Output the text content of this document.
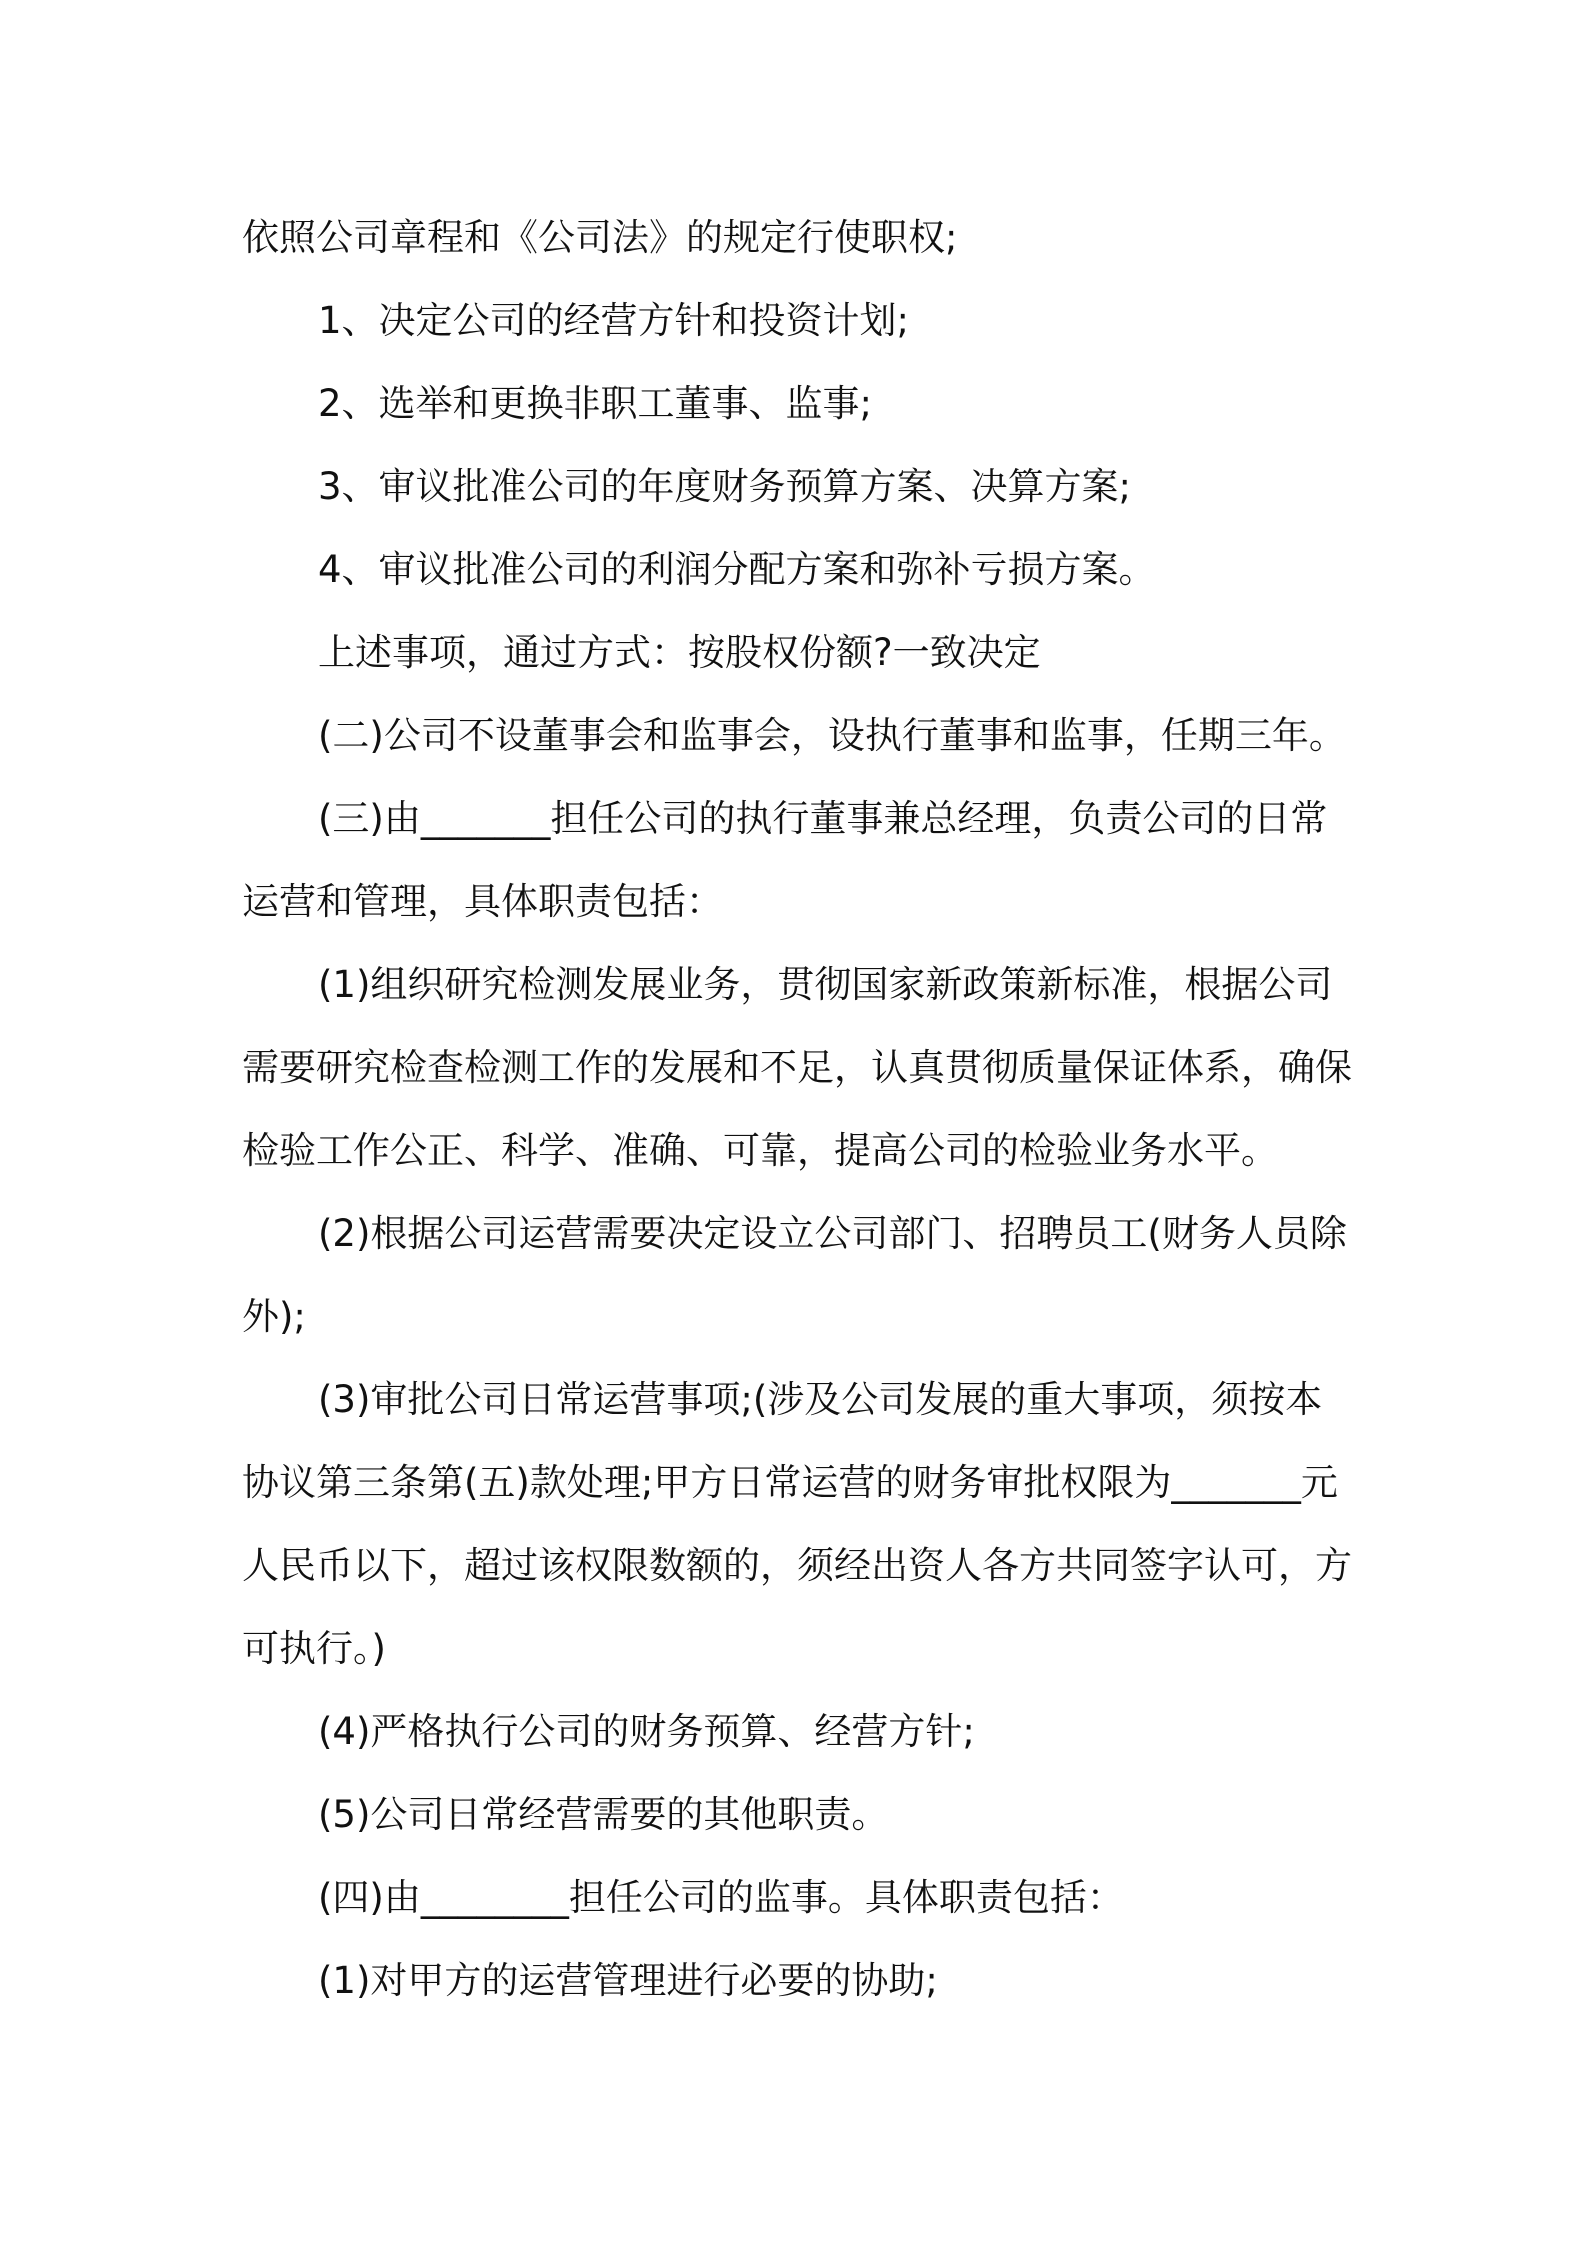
依照公司章程和《公司法》的规定行使职权;

1、决定公司的经营方针和投资计划;

2、选举和更换非职工董事、监事;

3、审议批准公司的年度财务预算方案、决算方案;

4、审议批准公司的利润分配方案和弥补亏损方案。

上述事项，通过方式：按股权份额?一致决定

(二)公司不设董事会和监事会，设执行董事和监事，任期三年。

(三)由_______担任公司的执行董事兼总经理，负责公司的日常运营和管理，具体职责包括：

(1)组织研究检测发展业务，贯彻国家新政策新标准，根据公司需要研究检查检测工作的发展和不足，认真贯彻质量保证体系，确保检验工作公正、科学、准确、可靠，提高公司的检验业务水平。

(2)根据公司运营需要决定设立公司部门、招聘员工(财务人员除外);

(3)审批公司日常运营事项;(涉及公司发展的重大事项，须按本协议第三条第(五)款处理;甲方日常运营的财务审批权限为_______元人民币以下，超过该权限数额的，须经出资人各方共同签字认可，方可执行。)

(4)严格执行公司的财务预算、经营方针;

(5)公司日常经营需要的其他职责。

(四)由________担任公司的监事。具体职责包括：

(1)对甲方的运营管理进行必要的协助;
